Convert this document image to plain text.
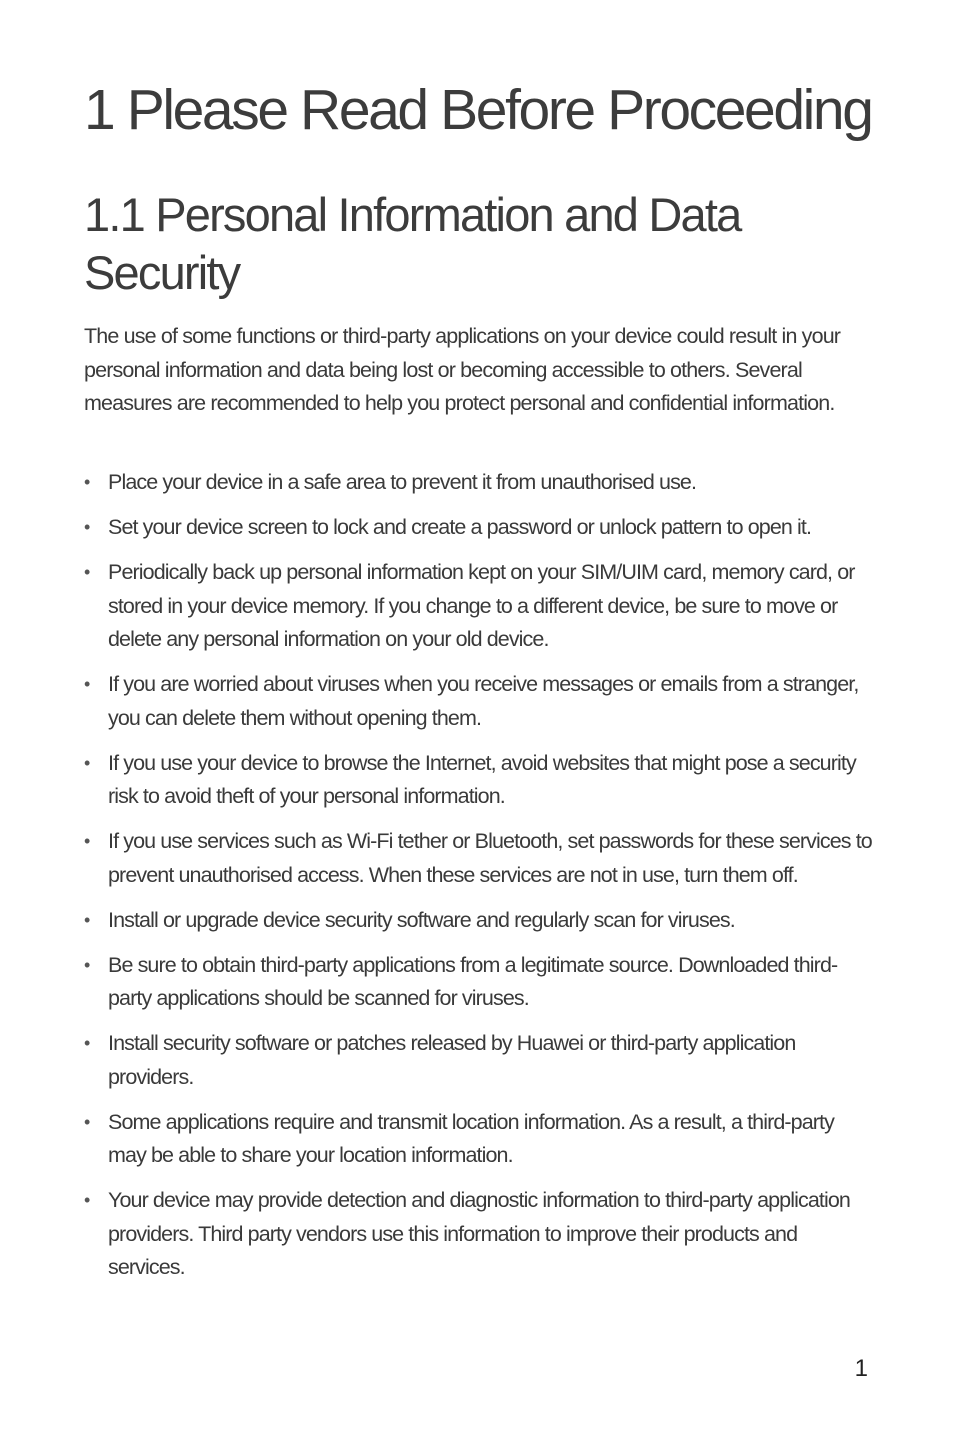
1 Please Read Before Proceeding
1.1 Personal Information and Data Security

The use of some functions or third-party applications on your device could result in your personal information and data being lost or becoming accessible to others. Several measures are recommended to help you protect personal and confidential information.

• Place your device in a safe area to prevent it from unauthorised use.
• Set your device screen to lock and create a password or unlock pattern to open it.
• Periodically back up personal information kept on your SIM/UIM card, memory card, or stored in your device memory. If you change to a different device, be sure to move or delete any personal information on your old device.
• If you are worried about viruses when you receive messages or emails from a stranger, you can delete them without opening them.
• If you use your device to browse the Internet, avoid websites that might pose a security risk to avoid theft of your personal information.
• If you use services such as Wi-Fi tether or Bluetooth, set passwords for these services to prevent unauthorised access. When these services are not in use, turn them off.
• Install or upgrade device security software and regularly scan for viruses.
• Be sure to obtain third-party applications from a legitimate source. Downloaded third-party applications should be scanned for viruses.
• Install security software or patches released by Huawei or third-party application providers.
• Some applications require and transmit location information. As a result, a third-party may be able to share your location information.
• Your device may provide detection and diagnostic information to third-party application providers. Third party vendors use this information to improve their products and services.
1
